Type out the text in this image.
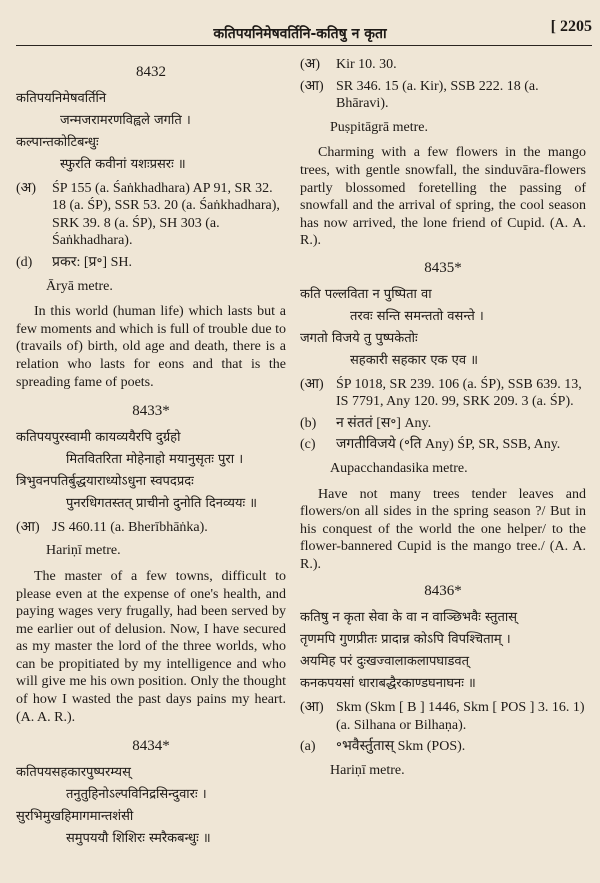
कतिपयनिमेषवर्तिनि-कतिषु न कृता	[ 2205
8432
कतिपयनिमेषवर्तिनि
जन्मजरामरणविह्वले जगति ।
कल्पान्तकोटिबन्धुः
स्फुरति कवीनां यशःप्रसरः ॥
(अ)	ŚP 155 (a. Śaṅkhadhara) AP 91, SR 32. 18 (a. ŚP), SSR 53. 20 (a. Śaṅkhadhara), SRK 39. 8 (a. ŚP), SH 303 (a. Śaṅkhadhara).
(d)	प्रकर: [प्र॰] SH.
Āryā metre.
In this world (human life) which lasts but a few moments and which is full of trouble due to (travails of) birth, old age and death, there is a relation who lasts for eons and that is the spreading fame of poets.
8433*
कतिपयपुरस्वामी कायव्ययैरपि दुर्ग्रहो
मितवितरिता मोहेनाहो मयानुसृतः पुरा ।
त्रिभुवनपतिर्बुद्धयाराध्योऽधुना स्वपदप्रदः
पुनरधिगतस्तत् प्राचीनो दुनोति दिनव्ययः ॥
(आ) JS 460.11 (a. Bherībhāṅka).
Hariṇī metre.
The master of a few towns, difficult to please even at the expense of one's health, and paying wages very frugally, had been served by me earlier out of delusion. Now, I have secured as my master the lord of the three worlds, who can be propitiated by my intelligence and who will give me his own position. Only the thought of how I wasted the past days pains my heart. (A. A. R.).
8434*
कतिपयसहकारपुष्परम्यस्
तनुतुहिनोऽल्पविनिद्रसिन्दुवारः ।
सुरभिमुखहिमागमान्तशंसी
समुपययौ शिशिरः स्मरैकबन्धुः ॥
(अ)	Kir 10. 30.
(आ) SR 346. 15 (a. Kir), SSB 222. 18 (a. Bhāravi).
Puṣpitāgrā metre.
Charming with a few flowers in the mango trees, with gentle snowfall, the sinduvāra-flowers partly blossomed foretelling the passing of snowfall and the arrival of spring, the cool season has now arrived, the lone friend of Cupid. (A. A. R.).
8435*
कति पल्लविता न पुष्पिता वा
तरवः सन्ति समन्ततो वसन्ते ।
जगतो विजये तु पुष्पकेतोः
सहकारी सहकार एक एव ॥
(आ) ŚP 1018, SR 239. 106 (a. ŚP), SSB 639. 13, IS 7791, Any 120. 99, SRK 209. 3 (a. ŚP).
(b)	न संततं [स॰] Any.
(c)	जगतीविजये (॰ति Any) ŚP, SR, SSB, Any.
Aupacchandasika metre.
Have not many trees tender leaves and flowers/on all sides in the spring season ?/ But in his conquest of the world the one helper/ to the flower-bannered Cupid is the mango tree./ (A. A. R.).
8436*
कतिषु न कृता सेवा के वा न वाञ्छिभवैः स्तुतास्
तृणमपि गुणप्रीतः प्रादान्न कोऽपि विपश्चिताम् ।
अयमिह परं दुःखज्वालाकलापघाडवत्
कनकपयसां धाराबद्धैरकाण्डघनाघनः ॥
(आ) Skm (Skm [ B ] 1446, Skm [ POS ] 3. 16. 1) (a. Silhana or Bilhaṇa).
(a)	॰भवैर्स्तुतास् Skm (POS).
Hariṇī metre.
